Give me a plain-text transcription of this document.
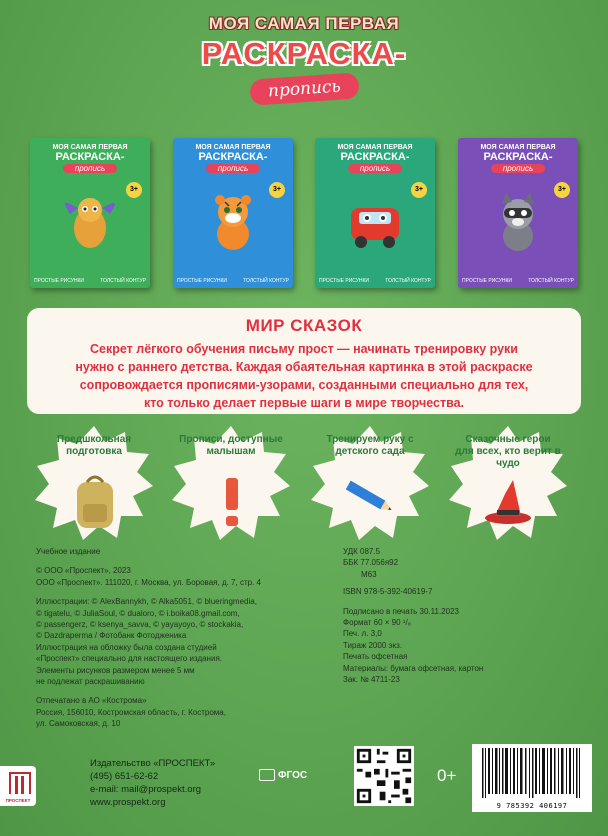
МОЯ САМАЯ ПЕРВАЯ
РАСКРАСКА-
пропись
МОЯ САМАЯ ПЕРВАЯ
РАСКРАСКА-
пропись
3+
ПРОСТЫЕ РИСУНКИ	ТОЛСТЫЙ КОНТУР
МОЯ САМАЯ ПЕРВАЯ
РАСКРАСКА-
пропись
3+
ПРОСТЫЕ РИСУНКИ	ТОЛСТЫЙ КОНТУР
МОЯ САМАЯ ПЕРВАЯ
РАСКРАСКА-
пропись
3+
ПРОСТЫЕ РИСУНКИ	ТОЛСТЫЙ КОНТУР
МОЯ САМАЯ ПЕРВАЯ
РАСКРАСКА-
пропись
3+
ПРОСТЫЕ РИСУНКИ	ТОЛСТЫЙ КОНТУР
МИР СКАЗОК

Секрет лёгкого обучения письму прост — начинать тренировку руки
нужно с раннего детства. Каждая обаятельная картинка в этой раскраске
сопровождается прописями-узорами, созданными специально для тех,
кто только делает первые шаги в мире творчества.

Предшкольная подготовка
Прописи, доступные малышам
Тренируем руку с детского сада
Сказочные герои для всех, кто верит в чудо
Учебное издание
© ООО «Проспект», 2023
ООО «Проспект». 111020, г. Москва, ул. Боровая, д. 7, стр. 4
Иллюстрации: © AlexBannykh, © Alka5051, © blueringmedia,
© tigatelu, © JuliaSoul, © dualoro, © i.boika08.gmail.com,
© passengerz, © ksenya_savva, © yayayoyo, © stockakia,
© Dazdraperma / Фотобанк Фотодженика
Иллюстрация на обложку была создана студией
«Проспект» специально для настоящего издания.
Элементы рисунков размером менее 5 мм
не подлежат раскрашиванию
Отпечатано в АО «Кострома»
Россия, 156010, Костромская область, г. Кострома,
ул. Самоковская, д. 10
УДК 087.5
ББК 77.056я92
М63
ISBN 978-5-392-40619-7
Подписано в печать 30.11.2023
Формат 60 × 90 ¹/₈
Печ. л. 3,0
Тираж 2000 экз.
Печать офсетная
Материалы: бумага офсетная, картон
Зак. № 4711-23
ПРОСПЕКТ
Издательство «ПРОСПЕКТ»
(495) 651-62-62
e-mail: mail@prospekt.org
www.prospekt.org
ФГОС	0+
9 785392 406197
